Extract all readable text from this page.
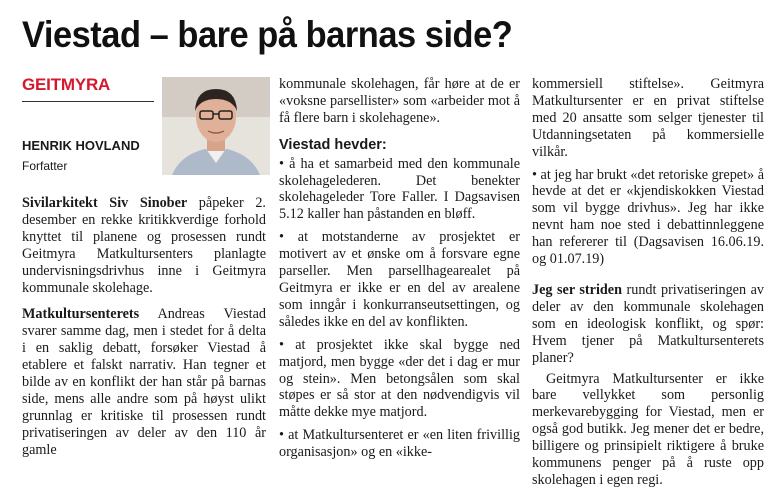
Viestad – bare på barnas side?
GEITMYRA
HENRIK HOVLAND
Forfatter

Sivilarkitekt Siv Sinober påpeker 2. desember en rekke kritikkverdige forhold knyttet til planene og prosessen rundt Geitmyra Matkultursenters planlagte undervisningsdrivhus inne i Geitmyra kommunale skolehage.

Matkultursenterets Andreas Viestad svarer samme dag, men i stedet for å delta i en saklig debatt, forsøker Viestad å etablere et falskt narrativ. Han tegner et bilde av en konflikt der han står på barnas side, mens alle andre som på høyst ulikt grunnlag er kritiske til prosessen rundt privatiseringen av deler av den 110 år gamle

kommunale skolehagen, får høre at de er «voksne parsellister» som «arbeider mot å få flere barn i skolehagene».

Viestad hevder:

• å ha et samarbeid med den kommunale skolehagelederen. Det benekter skolehageleder Tore Faller. I Dagsavisen 5.12 kaller han påstanden en bløff.

• at motstanderne av prosjektet er motivert av et ønske om å forsvare egne parseller. Men parsellhagearealet på Geitmyra er ikke er en del av arealene som inngår i konkurranseutsettingen, og således ikke en del av konflikten.

• at prosjektet ikke skal bygge ned matjord, men bygge «der det i dag er mur og stein». Men betongsålen som skal støpes er så stor at den nødvendigvis vil måtte dekke mye matjord.

• at Matkultursenteret er «en liten frivillig organisasjon» og en «ikke-

kommersiell stiftelse». Geitmyra Matkultursenter er en privat stiftelse med 20 ansatte som selger tjenester til Utdanningsetaten på kommersielle vilkår.

• at jeg har brukt «det retoriske grepet» å hevde at det er «kjendiskokken Viestad som vil bygge drivhus». Jeg har ikke nevnt ham noe sted i debattinnleggene han refererer til (Dagsavisen 16.06.19. og 01.07.19)

Jeg ser striden rundt privatiseringen av deler av den kommunale skolehagen som en ideologisk konflikt, og spør: Hvem tjener på Matkultursenterets planer?

Geitmyra Matkultursenter er ikke bare vellykket som personlig merkevarebygging for Viestad, men er også god butikk. Jeg mener det er bedre, billigere og prinsipielt riktigere å bruke kommunens penger på å ruste opp skolehagen i egen regi.
